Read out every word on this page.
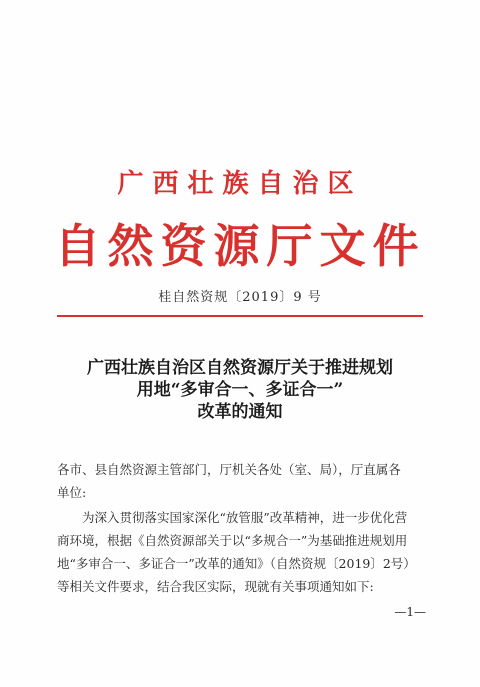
广西壮族自治区
自然资源厅文件
桂自然资规〔2019〕9 号
广西壮族自治区自然资源厅关于推进规划
用地“多审合一、多证合一”
改革的通知
各市、县自然资源主管部门，厅机关各处（室、局），厅直属各
单位:
为深入贯彻落实国家深化“放管服”改革精神，进一步优化营
商环境，根据《自然资源部关于以“多规合一”为基础推进规划用
地“多审合一、多证合一”改革的通知》（自然资规〔2019〕2号）
等相关文件要求，结合我区实际，现就有关事项通知如下:
—1—
